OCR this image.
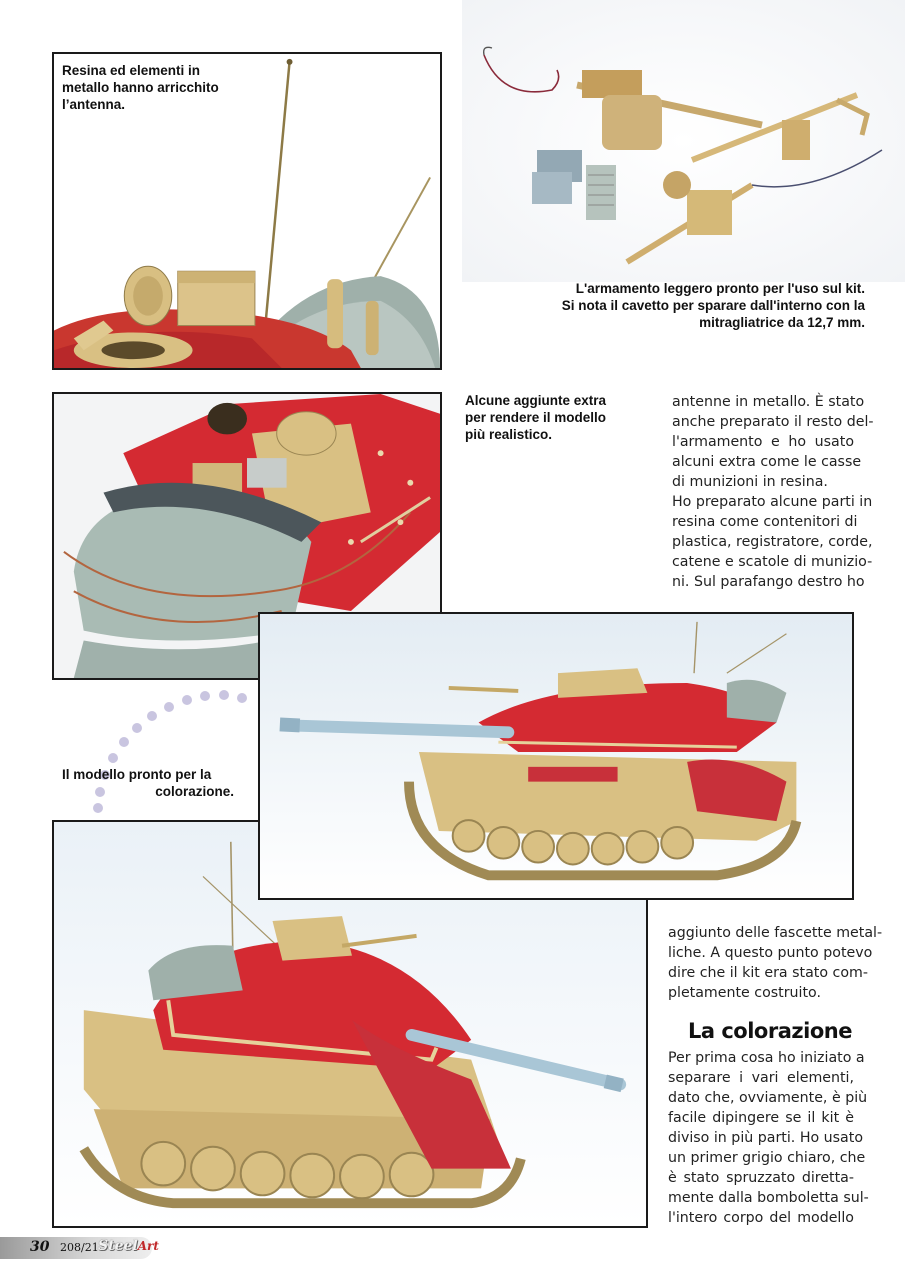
Resina ed elementi in
metallo hanno arricchito
l’antenna.
L'armamento leggero pronto per l'uso sul kit.
Si nota il cavetto per sparare dall'interno con la
mitragliatrice da 12,7 mm.
Alcune aggiunte extra
per rendere il modello
più realistico.
antenne in metallo. È stato
anche preparato il resto del-
l'armamento e ho usato
alcuni extra come le casse
di munizioni in resina.
Ho preparato alcune parti in
resina come contenitori di
plastica, registratore, corde,
catene e scatole di munizio-
ni. Sul parafango destro ho
Il modello pronto per la
colorazione.
aggiunto delle fascette metal-
liche. A questo punto potevo
dire che il kit era stato com-
pletamente costruito.
La colorazione
Per prima cosa ho iniziato a
separare i vari elementi,
dato che, ovviamente, è più
facile dipingere se il kit è
diviso in più parti. Ho usato
un primer grigio chiaro, che
è stato spruzzato diretta-
mente dalla bomboletta sul-
l'intero corpo del modello
30 208/21 SteelArt
